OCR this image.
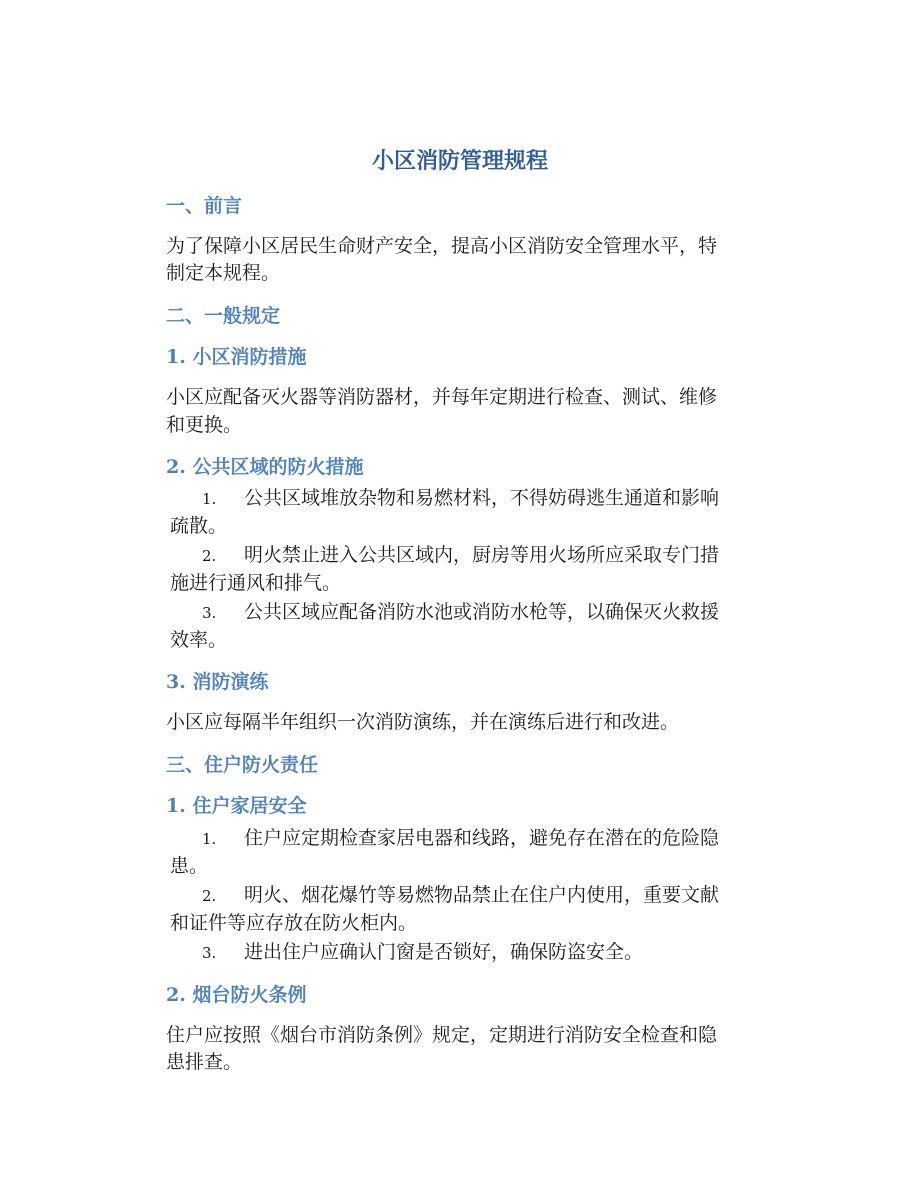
小区消防管理规程
一、前言

为了保障小区居民生命财产安全，提高小区消防安全管理水平，特

制定本规程。

二、一般规定
1. 小区消防措施

小区应配备灭火器等消防器材，并每年定期进行检查、测试、维修

和更换。

2. 公共区域的防火措施
1. 公共区域堆放杂物和易燃材料，不得妨碍逃生通道和影响

疏散。

2. 明火禁止进入公共区域内，厨房等用火场所应采取专门措

施进行通风和排气。

3. 公共区域应配备消防水池或消防水枪等，以确保灭火救援

效率。

3. 消防演练

小区应每隔半年组织一次消防演练，并在演练后进行和改进。

三、住户防火责任
1. 住户家居安全
1. 住户应定期检查家居电器和线路，避免存在潜在的危险隐

患。

2. 明火、烟花爆竹等易燃物品禁止在住户内使用，重要文献

和证件等应存放在防火柜内。

3. 进出住户应确认门窗是否锁好，确保防盗安全。

2. 烟台防火条例

住户应按照《烟台市消防条例》规定，定期进行消防安全检查和隐

患排查。
